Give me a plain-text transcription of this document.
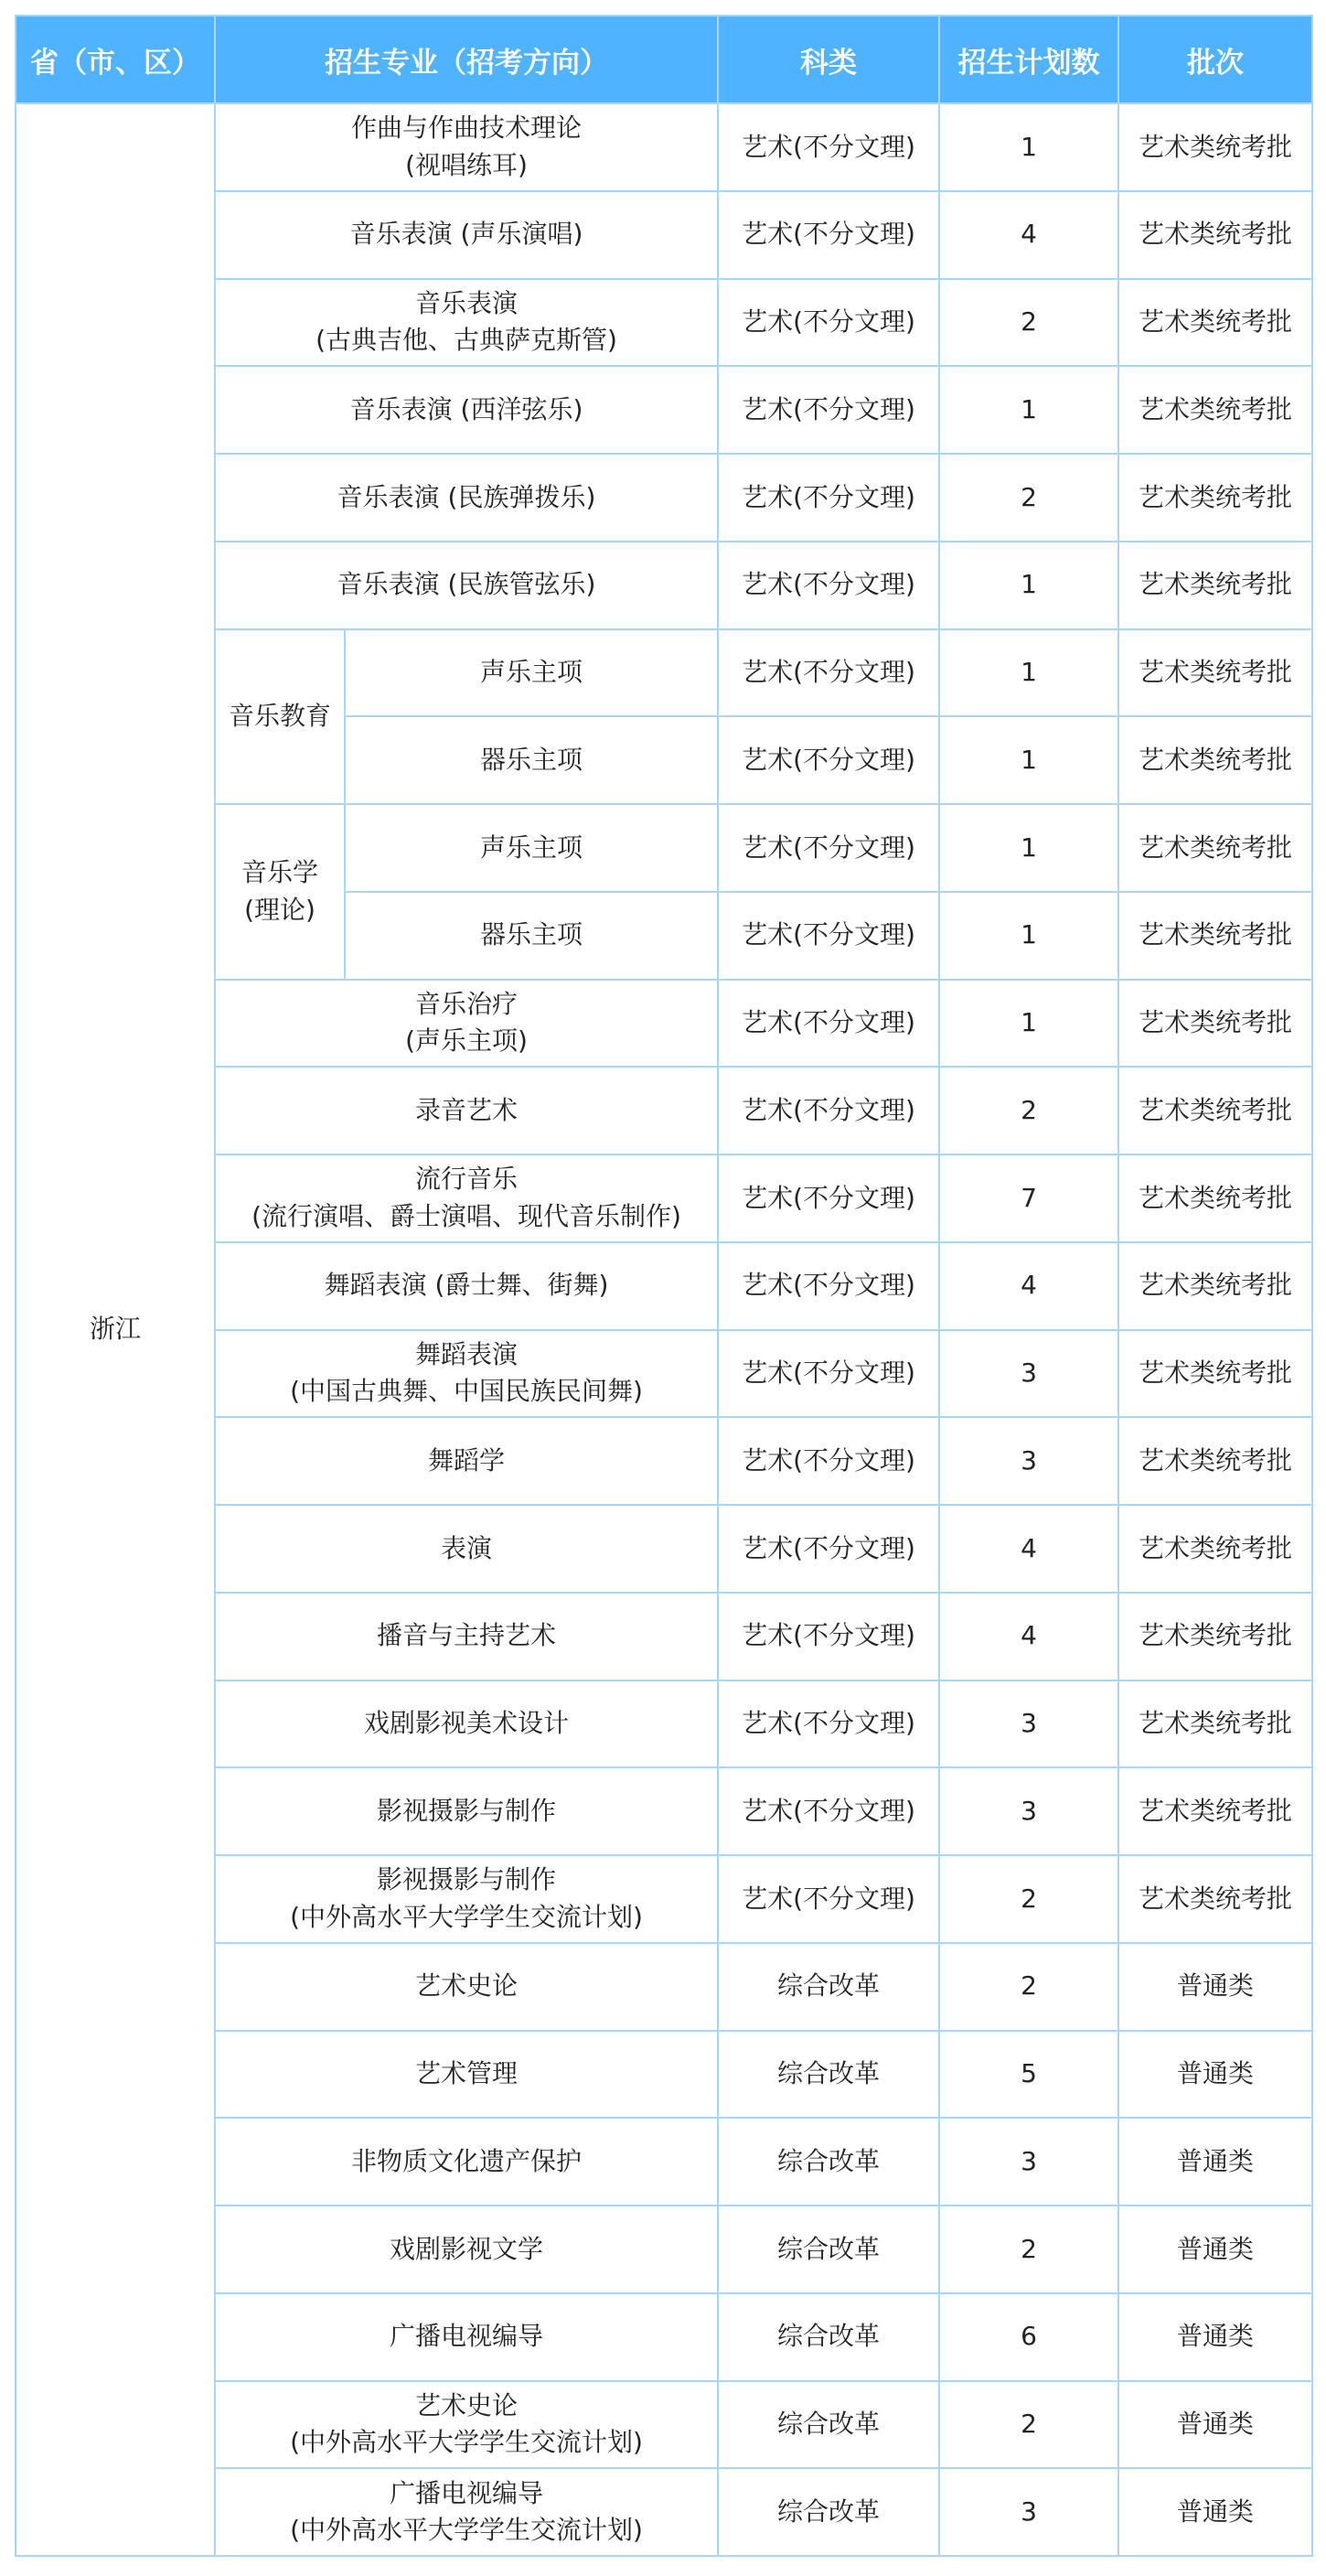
省（市、区）	招生专业（招考方向）		科类	招生计划数	批次
浙江	作曲与作曲技术理论
(视唱练耳)		艺术(不分文理)	1	艺术类统考批

	音乐表演 (声乐演唱)		艺术(不分文理)	4	艺术类统考批

	音乐表演
(古典吉他、古典萨克斯管)		艺术(不分文理)	2	艺术类统考批

	音乐表演 (西洋弦乐)		艺术(不分文理)	1	艺术类统考批

	音乐表演 (民族弹拨乐)		艺术(不分文理)	2	艺术类统考批

	音乐表演 (民族管弦乐)		艺术(不分文理)	1	艺术类统考批

	音乐教育	声乐主项	艺术(不分文理)	1	艺术类统考批

		器乐主项	艺术(不分文理)	1	艺术类统考批

	音乐学
(理论)	声乐主项	艺术(不分文理)	1	艺术类统考批

		器乐主项	艺术(不分文理)	1	艺术类统考批

	音乐治疗
(声乐主项)		艺术(不分文理)	1	艺术类统考批

	录音艺术		艺术(不分文理)	2	艺术类统考批

	流行音乐
(流行演唱、爵士演唱、现代音乐制作)		艺术(不分文理)	7	艺术类统考批

	舞蹈表演 (爵士舞、街舞)		艺术(不分文理)	4	艺术类统考批

	舞蹈表演
(中国古典舞、中国民族民间舞)		艺术(不分文理)	3	艺术类统考批

	舞蹈学		艺术(不分文理)	3	艺术类统考批

	表演		艺术(不分文理)	4	艺术类统考批

	播音与主持艺术		艺术(不分文理)	4	艺术类统考批

	戏剧影视美术设计		艺术(不分文理)	3	艺术类统考批

	影视摄影与制作		艺术(不分文理)	3	艺术类统考批

	影视摄影与制作
(中外高水平大学学生交流计划)		艺术(不分文理)	2	艺术类统考批

	艺术史论		综合改革	2	普通类

	艺术管理		综合改革	5	普通类

	非物质文化遗产保护		综合改革	3	普通类

	戏剧影视文学		综合改革	2	普通类

	广播电视编导		综合改革	6	普通类

	艺术史论
(中外高水平大学学生交流计划)		综合改革	2	普通类

	广播电视编导
(中外高水平大学学生交流计划)		综合改革	3	普通类
